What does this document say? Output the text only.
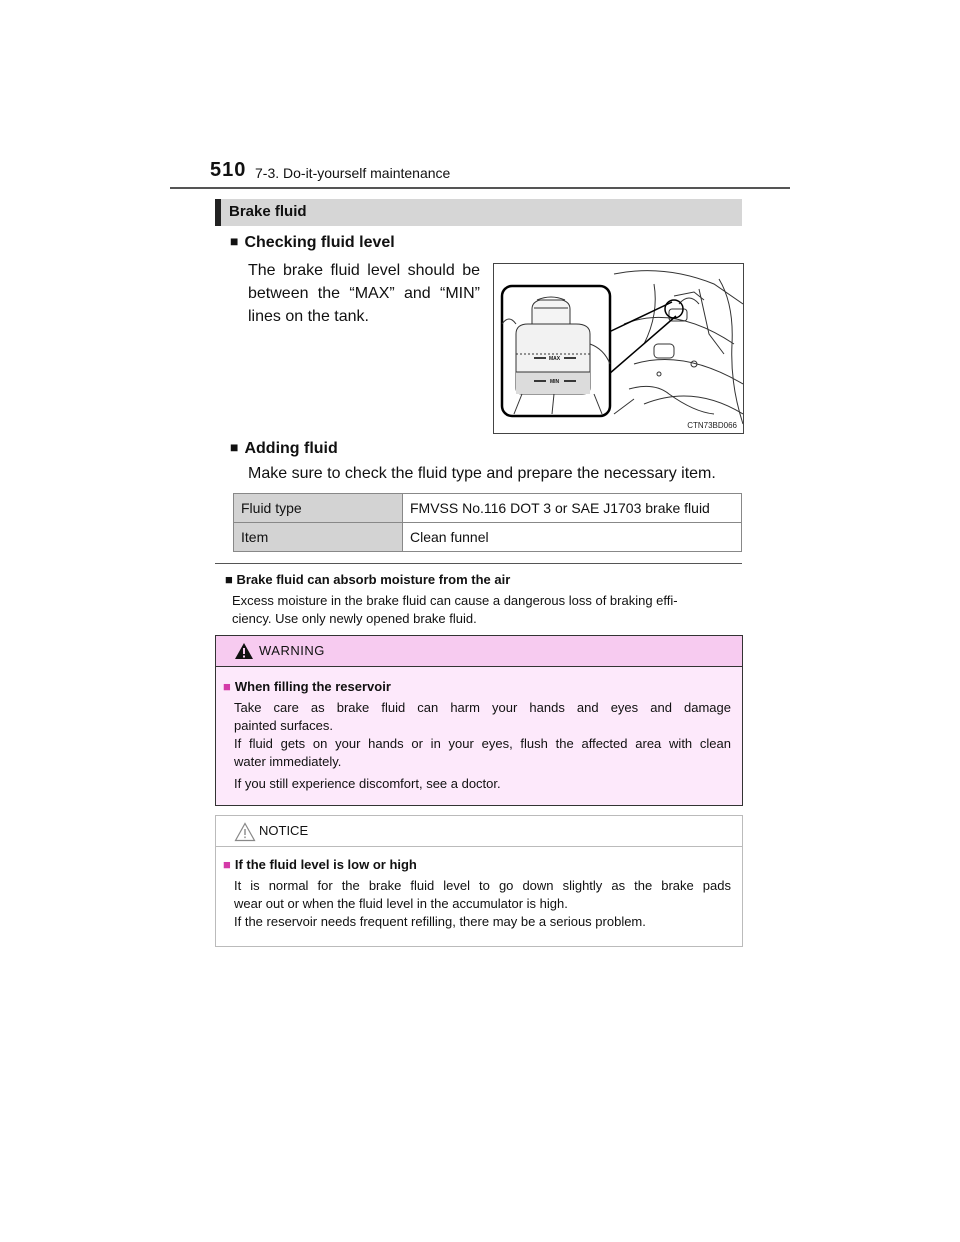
510 7-3. Do-it-yourself maintenance
Brake fluid
■ Checking fluid level
The brake fluid level should be
between the “MAX” and “MIN”
lines on the tank.
MAX
MIN
CTN73BD066
■ Adding fluid
Make sure to check the fluid type and prepare the necessary item.
Fluid type	FMVSS No.116 DOT 3 or SAE J1703 brake fluid
Item	Clean funnel
■ Brake fluid can absorb moisture from the air
Excess moisture in the brake fluid can cause a dangerous loss of braking effi-
ciency. Use only newly opened brake fluid.
WARNING
■ When filling the reservoir
Take care as brake fluid can harm your hands and eyes and damage
painted surfaces.
If fluid gets on your hands or in your eyes, flush the affected area with clean
water immediately.
If you still experience discomfort, see a doctor.
NOTICE
■ If the fluid level is low or high
It is normal for the brake fluid level to go down slightly as the brake pads
wear out or when the fluid level in the accumulator is high.
If the reservoir needs frequent refilling, there may be a serious problem.
